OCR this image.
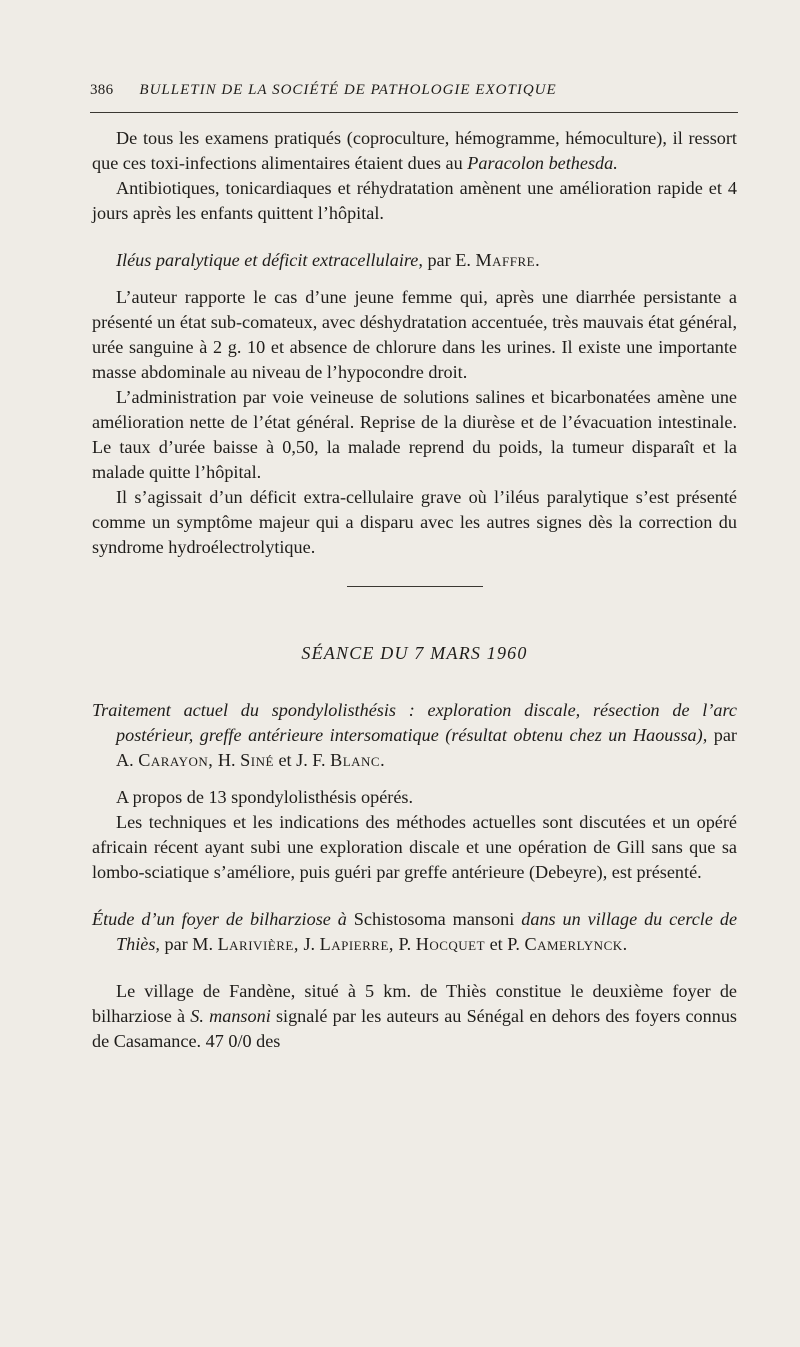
386 BULLETIN DE LA SOCIÉTÉ DE PATHOLOGIE EXOTIQUE

De tous les examens pratiqués (coproculture, hémogramme, hémoculture), il ressort que ces toxi-infections alimentaires étaient dues au Paracolon bethesda.

Antibiotiques, tonicardiaques et réhydratation amènent une amélioration rapide et 4 jours après les enfants quittent l’hôpital.

Iléus paralytique et déficit extracellulaire, par E. Maffre.

L’auteur rapporte le cas d’une jeune femme qui, après une diarrhée persistante a présenté un état sub-comateux, avec déshydratation accentuée, très mauvais état général, urée sanguine à 2 g. 10 et absence de chlorure dans les urines. Il existe une importante masse abdominale au niveau de l’hypocondre droit.

L’administration par voie veineuse de solutions salines et bicarbonatées amène une amélioration nette de l’état général. Reprise de la diurèse et de l’évacuation intestinale. Le taux d’urée baisse à 0,50, la malade reprend du poids, la tumeur disparaît et la malade quitte l’hôpital.

Il s’agissait d’un déficit extra-cellulaire grave où l’iléus paralytique s’est présenté comme un symptôme majeur qui a disparu avec les autres signes dès la correction du syndrome hydroélectrolytique.

SÉANCE DU 7 MARS 1960

Traitement actuel du spondylolisthésis : exploration discale, résection de l’arc postérieur, greffe antérieure intersomatique (résultat obtenu chez un Haoussa), par A. Carayon, H. Siné et J. F. Blanc.

A propos de 13 spondylolisthésis opérés.

Les techniques et les indications des méthodes actuelles sont discutées et un opéré africain récent ayant subi une exploration discale et une opération de Gill sans que sa lombo-sciatique s’améliore, puis guéri par greffe antérieure (Debeyre), est présenté.

Étude d’un foyer de bilharziose à Schistosoma mansoni dans un village du cercle de Thiès, par M. Larivière, J. Lapierre, P. Hocquet et P. Camerlynck.

Le village de Fandène, situé à 5 km. de Thiès constitue le deuxième foyer de bilharziose à S. mansoni signalé par les auteurs au Sénégal en dehors des foyers connus de Casamance. 47 0/0 des
